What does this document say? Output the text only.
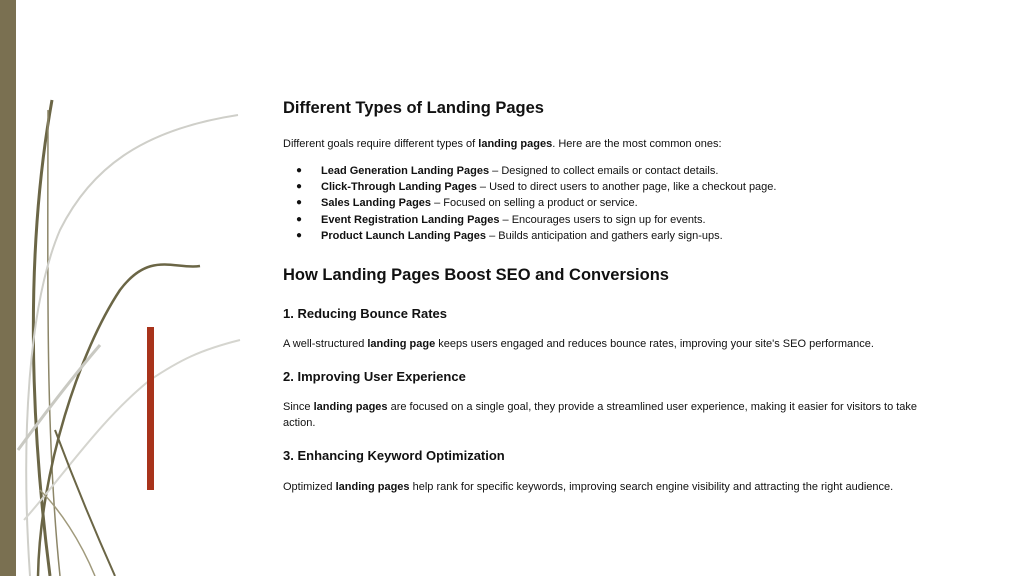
Different Types of Landing Pages

Different goals require different types of landing pages. Here are the most common ones:

● Lead Generation Landing Pages – Designed to collect emails or contact details.
● Click-Through Landing Pages – Used to direct users to another page, like a checkout page.
● Sales Landing Pages – Focused on selling a product or service.
● Event Registration Landing Pages – Encourages users to sign up for events.
● Product Launch Landing Pages – Builds anticipation and gathers early sign-ups.
How Landing Pages Boost SEO and Conversions
1. Reducing Bounce Rates

A well-structured landing page keeps users engaged and reduces bounce rates, improving your site's SEO performance.

2. Improving User Experience

Since landing pages are focused on a single goal, they provide a streamlined user experience, making it easier for visitors to take action.

3. Enhancing Keyword Optimization

Optimized landing pages help rank for specific keywords, improving search engine visibility and attracting the right audience.
